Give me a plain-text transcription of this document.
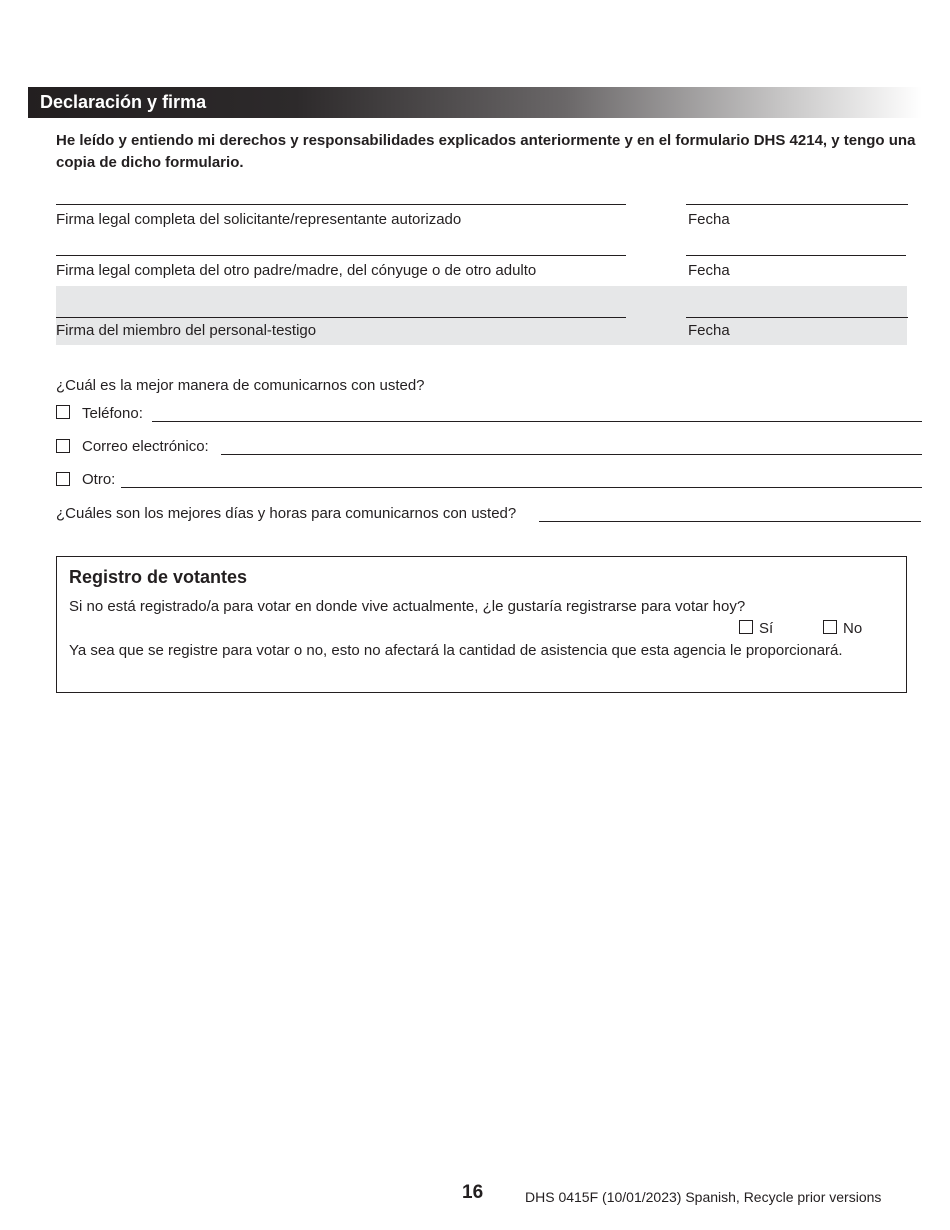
Declaración y firma
He leído y entiendo mi derechos y responsabilidades explicados anteriormente y en el formulario DHS 4214, y tengo una copia de dicho formulario.
Firma legal completa del solicitante/representante autorizado	Fecha
Firma legal completa del otro padre/madre, del cónyuge o de otro adulto	Fecha
Firma del miembro del personal-testigo	Fecha
¿Cuál es la mejor manera de comunicarnos con usted?
Teléfono:
Correo electrónico:
Otro:
¿Cuáles son los mejores días y horas para comunicarnos con usted?
Registro de votantes
Si no está registrado/a para votar en donde vive actualmente, ¿le gustaría registrarse para votar hoy?
Sí	No
Ya sea que se registre para votar o no, esto no afectará la cantidad de asistencia que esta agencia le proporcionará.
16	DHS 0415F (10/01/2023) Spanish, Recycle prior versions
